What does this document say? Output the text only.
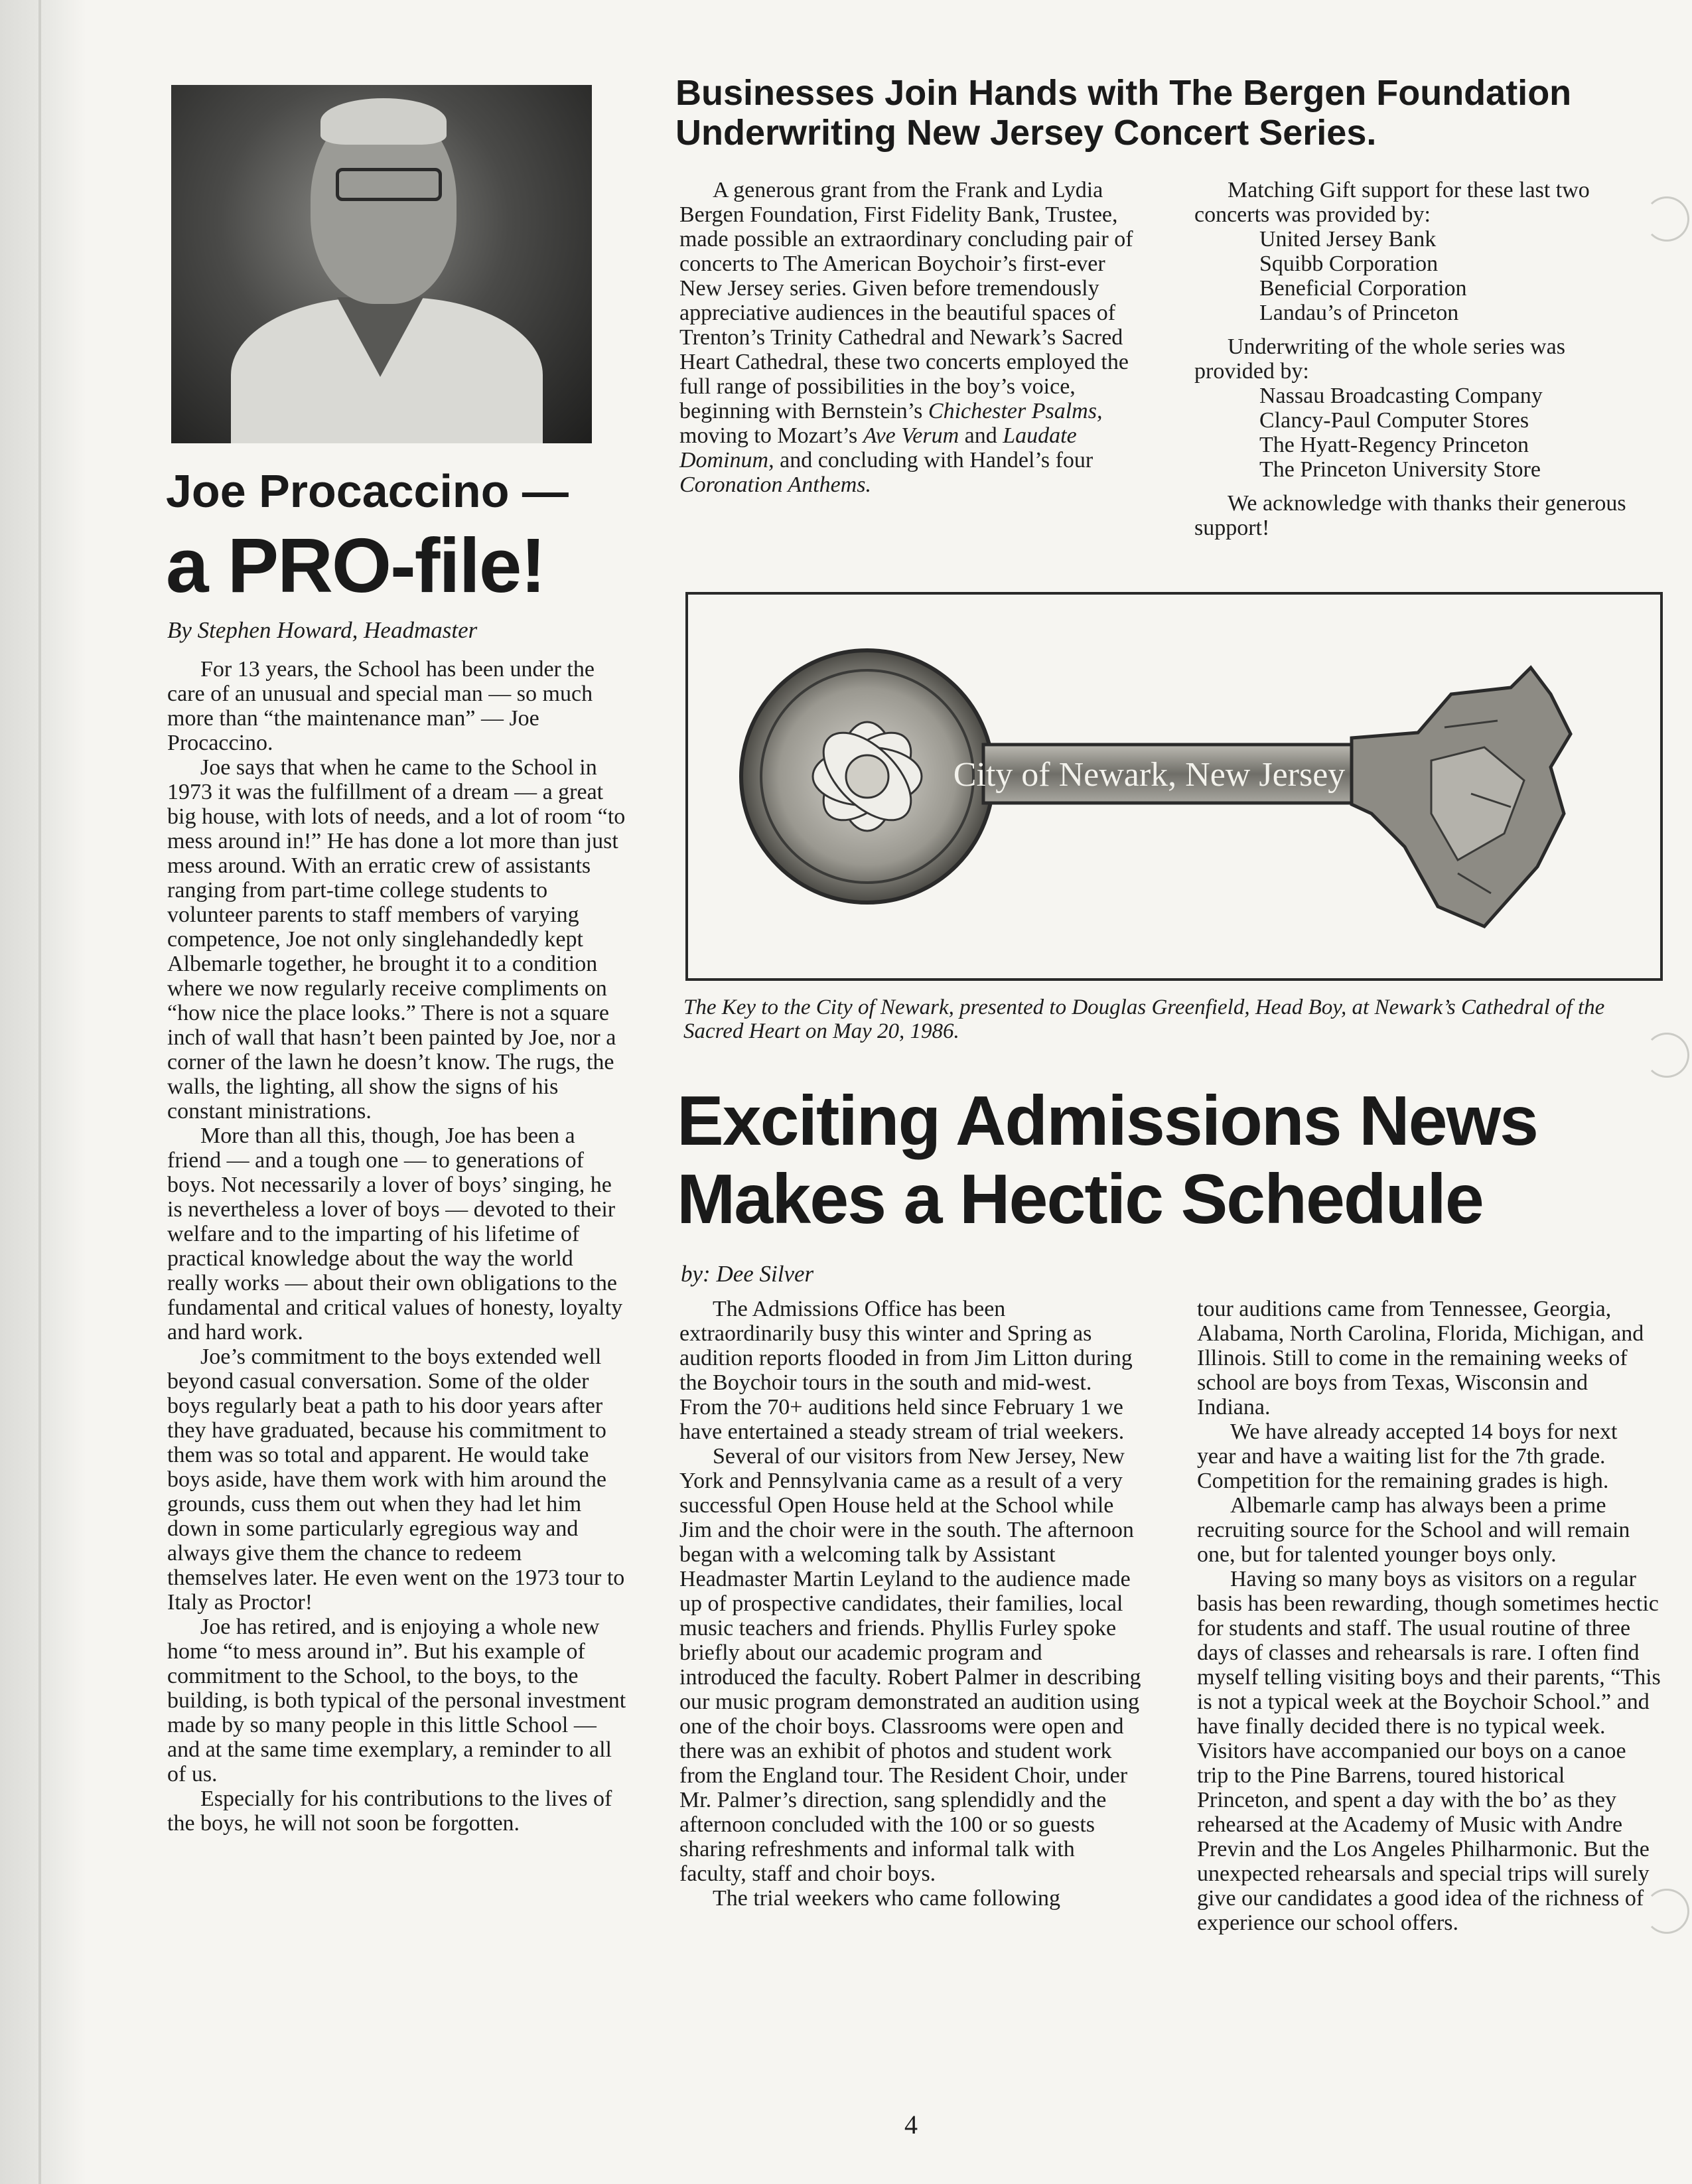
Joe Procaccino —
a PRO-file!
By Stephen Howard, Headmaster

For 13 years, the School has been under the care of an unusual and special man — so much more than “the maintenance man” — Joe Procaccino.

Joe says that when he came to the School in 1973 it was the fulfillment of a dream — a great big house, with lots of needs, and a lot of room “to mess around in!” He has done a lot more than just mess around. With an erratic crew of assistants ranging from part-time college students to volunteer parents to staff members of varying competence, Joe not only singlehandedly kept Albemarle together, he brought it to a condition where we now regularly receive compliments on “how nice the place looks.” There is not a square inch of wall that hasn’t been painted by Joe, nor a corner of the lawn he doesn’t know. The rugs, the walls, the lighting, all show the signs of his constant ministrations.

More than all this, though, Joe has been a friend — and a tough one — to generations of boys. Not necessarily a lover of boys’ singing, he is nevertheless a lover of boys — devoted to their welfare and to the imparting of his lifetime of practical knowledge about the way the world really works — about their own obligations to the fundamental and critical values of honesty, loyalty and hard work.

Joe’s commitment to the boys extended well beyond casual conversation. Some of the older boys regularly beat a path to his door years after they have graduated, because his commitment to them was so total and apparent. He would take boys aside, have them work with him around the grounds, cuss them out when they had let him down in some particularly egregious way and always give them the chance to redeem themselves later. He even went on the 1973 tour to Italy as Proctor!

Joe has retired, and is enjoying a whole new home “to mess around in”. But his example of commitment to the School, to the boys, to the building, is both typical of the personal investment made by so many people in this little School — and at the same time exemplary, a reminder to all of us.

Especially for his contributions to the lives of the boys, he will not soon be forgotten.

Businesses Join Hands with The Bergen Foundation
Underwriting New Jersey Concert Series.

A generous grant from the Frank and Lydia Bergen Foundation, First Fidelity Bank, Trustee, made possible an extraordinary concluding pair of concerts to The American Boychoir’s first-ever New Jersey series. Given before tremendously appreciative audiences in the beautiful spaces of Trenton’s Trinity Cathedral and Newark’s Sacred Heart Cathedral, these two concerts employed the full range of possibilities in the boy’s voice, beginning with Bernstein’s Chichester Psalms, moving to Mozart’s Ave Verum and Laudate Dominum, and concluding with Handel’s four Coronation Anthems.

Matching Gift support for these last two concerts was provided by:

United Jersey Bank
Squibb Corporation
Beneficial Corporation
Landau’s of Princeton

Underwriting of the whole series was provided by:

Nassau Broadcasting Company
Clancy-Paul Computer Stores
The Hyatt-Regency Princeton
The Princeton University Store

We acknowledge with thanks their generous support!

City of Newark, New Jersey
The Key to the City of Newark, presented to Douglas Greenfield, Head Boy, at Newark’s Cathedral of the Sacred Heart on May 20, 1986.
Exciting Admissions News
Makes a Hectic Schedule
by: Dee Silver

The Admissions Office has been extraordinarily busy this winter and Spring as audition reports flooded in from Jim Litton during the Boychoir tours in the south and mid-west. From the 70+ auditions held since February 1 we have entertained a steady stream of trial weekers.

Several of our visitors from New Jersey, New York and Pennsylvania came as a result of a very successful Open House held at the School while Jim and the choir were in the south. The afternoon began with a welcoming talk by Assistant Headmaster Martin Leyland to the audience made up of prospective candidates, their families, local music teachers and friends. Phyllis Furley spoke briefly about our academic program and introduced the faculty. Robert Palmer in describing our music program demonstrated an audition using one of the choir boys. Classrooms were open and there was an exhibit of photos and student work from the England tour. The Resident Choir, under Mr. Palmer’s direction, sang splendidly and the afternoon concluded with the 100 or so guests sharing refreshments and informal talk with faculty, staff and choir boys.

The trial weekers who came following

tour auditions came from Tennessee, Georgia, Alabama, North Carolina, Florida, Michigan, and Illinois. Still to come in the remaining weeks of school are boys from Texas, Wisconsin and Indiana.

We have already accepted 14 boys for next year and have a waiting list for the 7th grade. Competition for the remaining grades is high.

Albemarle camp has always been a prime recruiting source for the School and will remain one, but for talented younger boys only.

Having so many boys as visitors on a regular basis has been rewarding, though sometimes hectic for students and staff. The usual routine of three days of classes and rehearsals is rare. I often find myself telling visiting boys and their parents, “This is not a typical week at the Boychoir School.” and have finally decided there is no typical week. Visitors have accompanied our boys on a canoe trip to the Pine Barrens, toured historical Princeton, and spent a day with the bo’ as they rehearsed at the Academy of Music with Andre Previn and the Los Angeles Philharmonic. But the unexpected rehearsals and special trips will surely give our candidates a good idea of the richness of experience our school offers.

4
